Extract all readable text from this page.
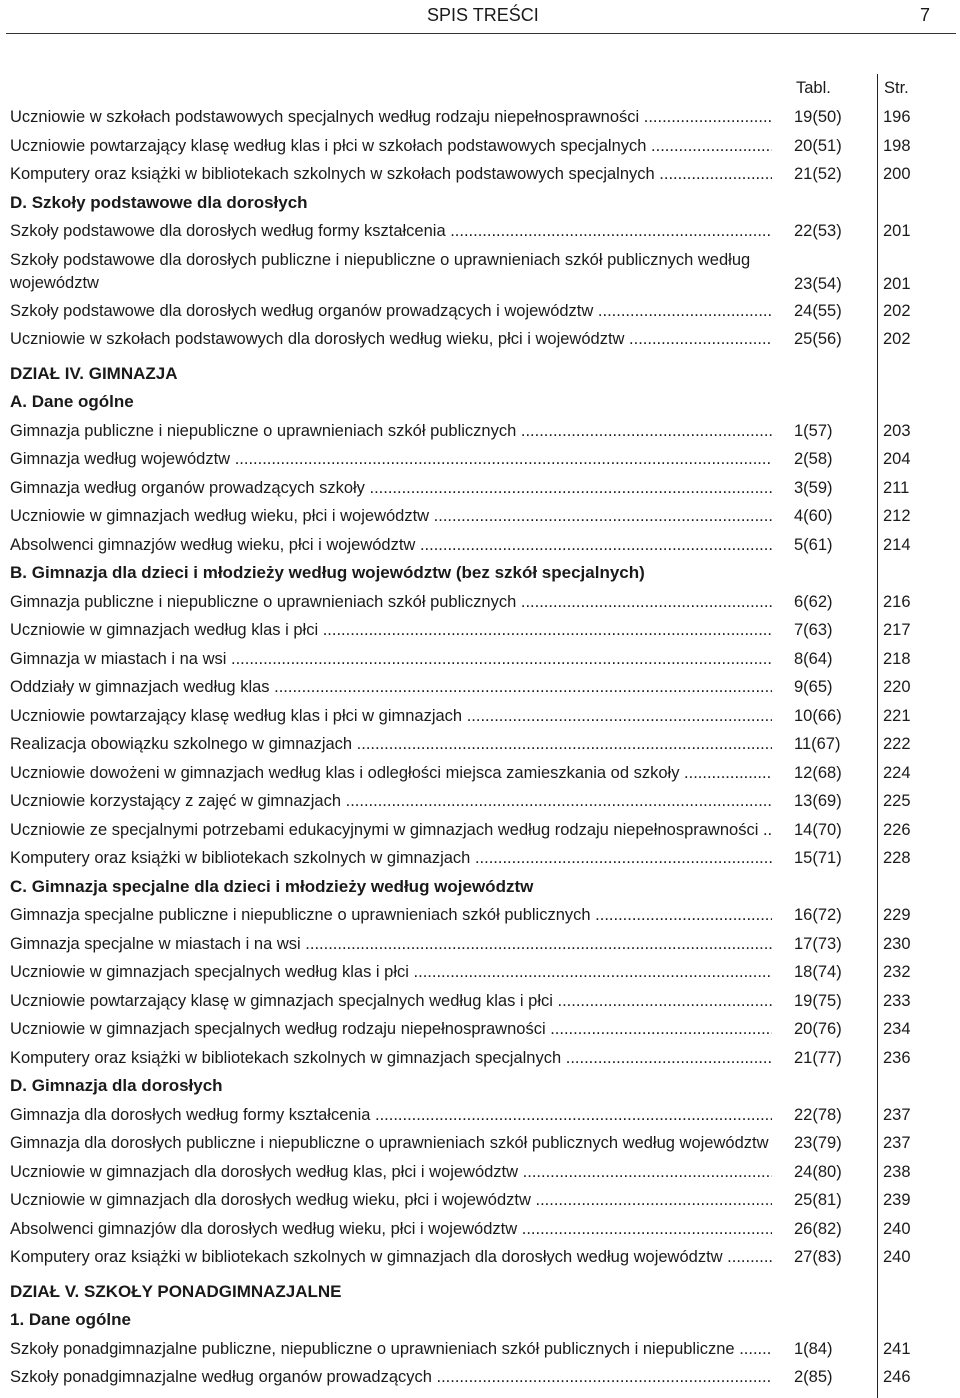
SPIS TREŚCI	7
Tabl.	Str.
Uczniowie w szkołach podstawowych specjalnych według rodzaju niepełnosprawności .....	19(50)	196
Uczniowie powtarzający klasę według klas i płci w szkołach podstawowych specjalnych .....	20(51)	198
Komputery oraz książki w bibliotekach szkolnych w szkołach podstawowych specjalnych .....	21(52)	200
D. Szkoły podstawowe dla dorosłych
Szkoły podstawowe dla dorosłych według formy kształcenia .....	22(53)	201
Szkoły podstawowe dla dorosłych publiczne i niepubliczne o uprawnieniach szkół publicznych według województw .....	23(54)	201
Szkoły podstawowe dla dorosłych według organów prowadzących i województw .....	24(55)	202
Uczniowie w szkołach podstawowych dla dorosłych według wieku, płci i województw .....	25(56)	202
DZIAŁ IV. GIMNAZJA
A. Dane ogólne
Gimnazja publiczne i niepubliczne o uprawnieniach szkół publicznych .....	1(57)	203
Gimnazja według województw .....	2(58)	204
Gimnazja według organów prowadzących szkoły .....	3(59)	211
Uczniowie w gimnazjach według wieku, płci i województw .....	4(60)	212
Absolwenci gimnazjów według wieku, płci i województw .....	5(61)	214
B. Gimnazja dla dzieci i młodzieży według województw (bez szkół specjalnych)
Gimnazja publiczne i niepubliczne o uprawnieniach szkół publicznych .....	6(62)	216
Uczniowie w gimnazjach według klas i płci .....	7(63)	217
Gimnazja w miastach i na wsi .....	8(64)	218
Oddziały w gimnazjach według klas .....	9(65)	220
Uczniowie powtarzający klasę według klas i płci w gimnazjach .....	10(66)	221
Realizacja obowiązku szkolnego w gimnazjach .....	11(67)	222
Uczniowie dowożeni w gimnazjach według klas i odległości miejsca zamieszkania od szkoły .....	12(68)	224
Uczniowie korzystający z zajęć w gimnazjach .....	13(69)	225
Uczniowie ze specjalnymi potrzebami edukacyjnymi w gimnazjach według rodzaju niepełnosprawności .....	14(70)	226
Komputery oraz książki w bibliotekach szkolnych w gimnazjach .....	15(71)	228
C. Gimnazja specjalne dla dzieci i młodzieży według województw
Gimnazja specjalne publiczne i niepubliczne o uprawnieniach szkół publicznych .....	16(72)	229
Gimnazja specjalne w miastach i na wsi .....	17(73)	230
Uczniowie w gimnazjach specjalnych według klas i płci .....	18(74)	232
Uczniowie powtarzający klasę w gimnazjach specjalnych według klas i płci .....	19(75)	233
Uczniowie w gimnazjach specjalnych według rodzaju niepełnosprawności .....	20(76)	234
Komputery oraz książki w bibliotekach szkolnych w gimnazjach specjalnych .....	21(77)	236
D. Gimnazja dla dorosłych
Gimnazja dla dorosłych według formy kształcenia .....	22(78)	237
Gimnazja dla dorosłych publiczne i niepubliczne o uprawnieniach szkół publicznych według województw ..... 23(79)	237
Uczniowie w gimnazjach dla dorosłych według klas, płci i województw .....	24(80)	238
Uczniowie w gimnazjach dla dorosłych według wieku, płci i województw .....	25(81)	239
Absolwenci gimnazjów dla dorosłych według wieku, płci i województw .....	26(82)	240
Komputery oraz książki w bibliotekach szkolnych w gimnazjach dla dorosłych według województw .....	27(83)	240
DZIAŁ V. SZKOŁY PONADGIMNAZJALNE
1. Dane ogólne
Szkoły ponadgimnazjalne publiczne, niepubliczne o uprawnieniach szkół publicznych i niepubliczne .....	1(84)	241
Szkoły ponadgimnazjalne według organów prowadzących .....	2(85)	246
